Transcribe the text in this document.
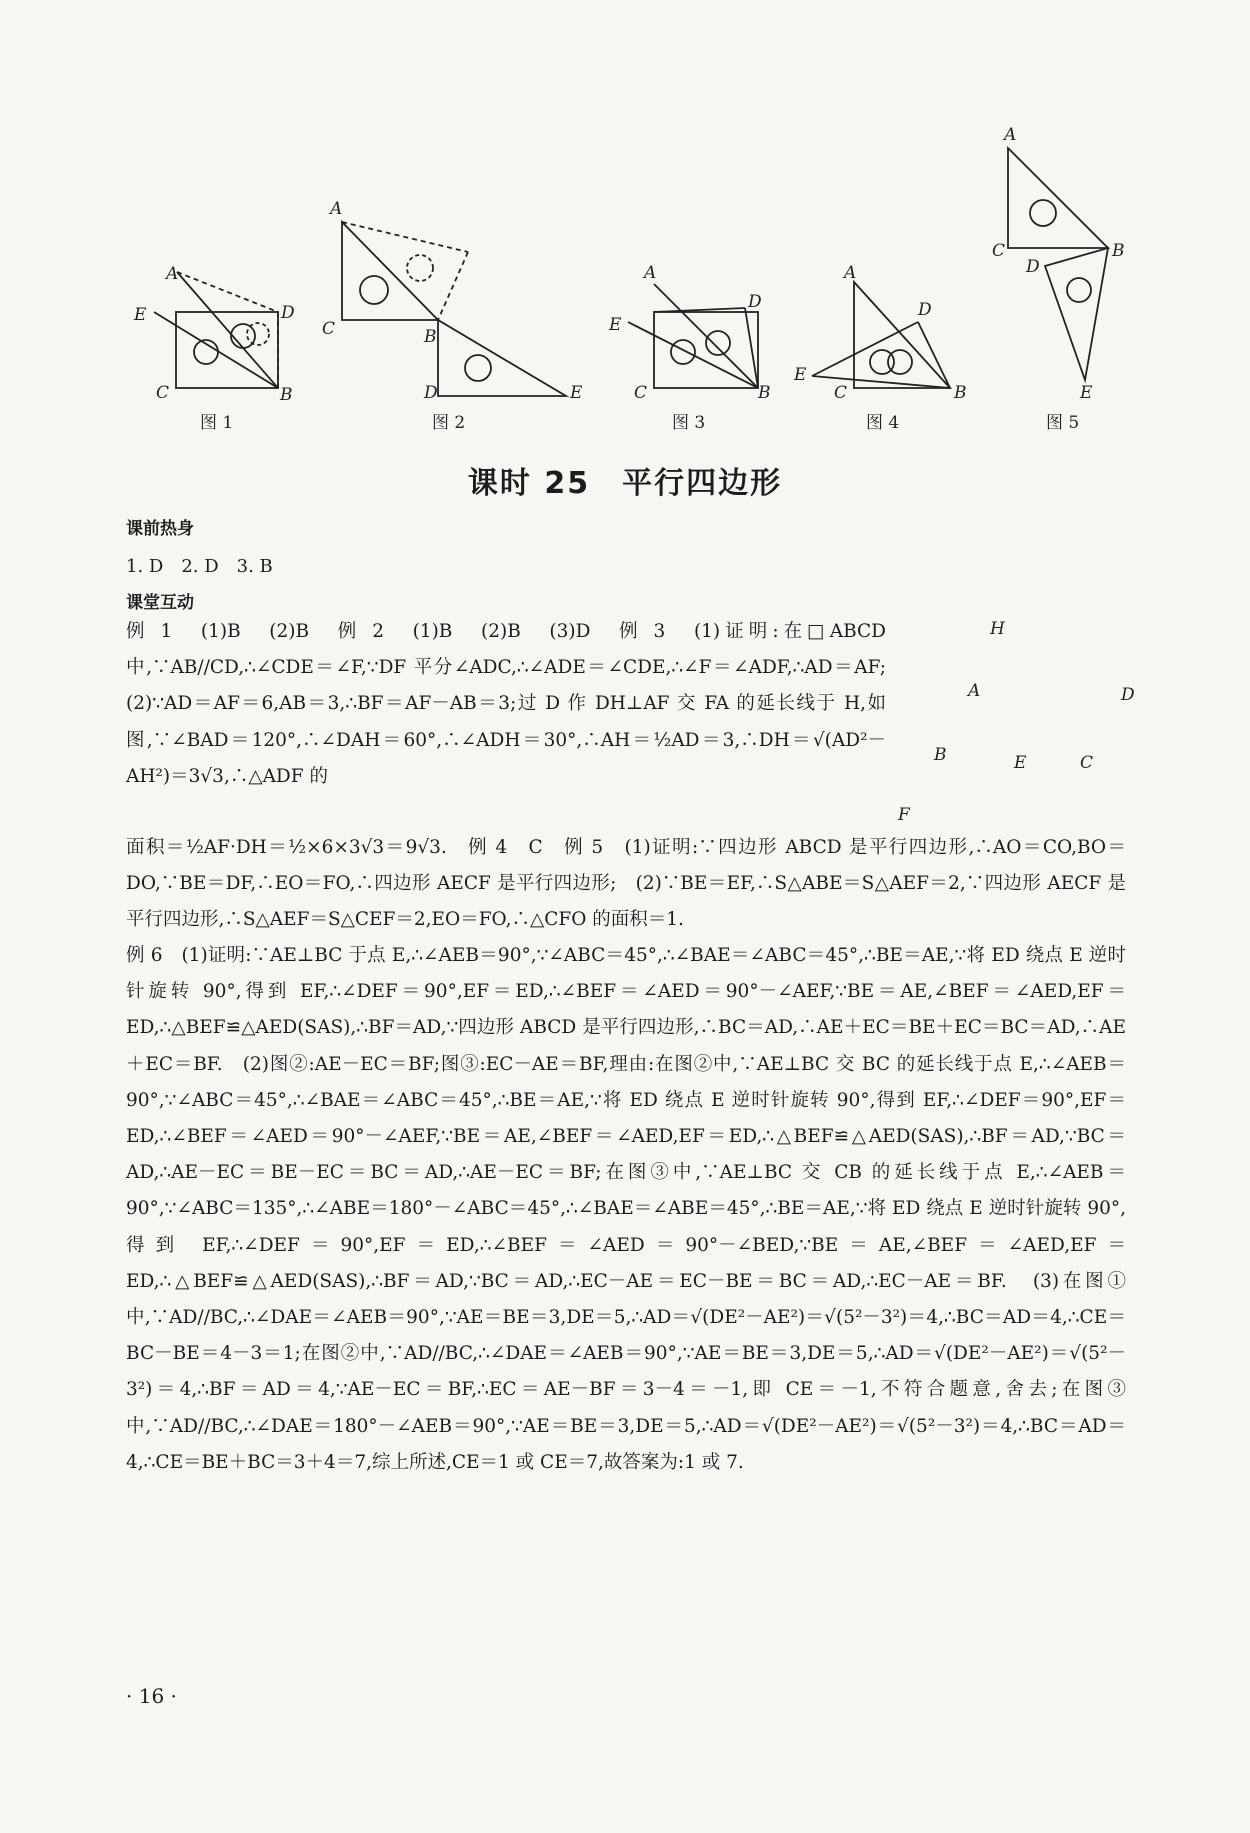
A
E	D
C	B
A
C	B
D	E
A
E
D
C	B
A
D
E
C	B
A
C	B
D
E
图 1	图 2	图 3	图 4	图 5
H
A	D
B	E	C
F
课时 25　平行四边形
课前热身
1. D　2. D　3. B
课堂互动

例 1　(1)B　(2)B　例 2　(1)B　(2)B　(3)D　例 3　(1)证明:在□ABCD 中,∵AB//CD,∴∠CDE＝∠F,∵DF 平分∠ADC,∴∠ADE＝∠CDE,∴∠F＝∠ADF,∴AD＝AF;　(2)∵AD＝AF＝6,AB＝3,∴BF＝AF－AB＝3;过 D 作 DH⊥AF 交 FA 的延长线于 H,如图,∵∠BAD＝120°,∴∠DAH＝60°,∴∠ADH＝30°,∴AH＝½AD＝3,∴DH＝√(AD²－AH²)＝3√3,∴△ADF 的

面积＝½AF·DH＝½×6×3√3＝9√3.　例 4　C　例 5　(1)证明:∵四边形 ABCD 是平行四边形,∴AO＝CO,BO＝DO,∵BE＝DF,∴EO＝FO,∴四边形 AECF 是平行四边形;　(2)∵BE＝EF,∴S△ABE＝S△AEF＝2,∵四边形 AECF 是平行四边形,∴S△AEF＝S△CEF＝2,EO＝FO,∴△CFO 的面积＝1.

例 6　(1)证明:∵AE⊥BC 于点 E,∴∠AEB＝90°,∵∠ABC＝45°,∴∠BAE＝∠ABC＝45°,∴BE＝AE,∵将 ED 绕点 E 逆时针旋转 90°,得到 EF,∴∠DEF＝90°,EF＝ED,∴∠BEF＝∠AED＝90°－∠AEF,∵BE＝AE,∠BEF＝∠AED,EF＝ED,∴△BEF≌△AED(SAS),∴BF＝AD,∵四边形 ABCD 是平行四边形,∴BC＝AD,∴AE＋EC＝BE＋EC＝BC＝AD,∴AE＋EC＝BF.　(2)图②:AE－EC＝BF;图③:EC－AE＝BF,理由:在图②中,∵AE⊥BC 交 BC 的延长线于点 E,∴∠AEB＝90°,∵∠ABC＝45°,∴∠BAE＝∠ABC＝45°,∴BE＝AE,∵将 ED 绕点 E 逆时针旋转 90°,得到 EF,∴∠DEF＝90°,EF＝ED,∴∠BEF＝∠AED＝90°－∠AEF,∵BE＝AE,∠BEF＝∠AED,EF＝ED,∴△BEF≌△AED(SAS),∴BF＝AD,∵BC＝AD,∴AE－EC＝BE－EC＝BC＝AD,∴AE－EC＝BF;在图③中,∵AE⊥BC 交 CB 的延长线于点 E,∴∠AEB＝90°,∵∠ABC＝135°,∴∠ABE＝180°－∠ABC＝45°,∴∠BAE＝∠ABE＝45°,∴BE＝AE,∵将 ED 绕点 E 逆时针旋转 90°,得到 EF,∴∠DEF＝90°,EF＝ED,∴∠BEF＝∠AED＝90°－∠BED,∵BE＝AE,∠BEF＝∠AED,EF＝ED,∴△BEF≌△AED(SAS),∴BF＝AD,∵BC＝AD,∴EC－AE＝EC－BE＝BC＝AD,∴EC－AE＝BF.　(3)在图①中,∵AD//BC,∴∠DAE＝∠AEB＝90°,∵AE＝BE＝3,DE＝5,∴AD＝√(DE²－AE²)＝√(5²－3²)＝4,∴BC＝AD＝4,∴CE＝BC－BE＝4－3＝1;在图②中,∵AD//BC,∴∠DAE＝∠AEB＝90°,∵AE＝BE＝3,DE＝5,∴AD＝√(DE²－AE²)＝√(5²－3²)＝4,∴BF＝AD＝4,∵AE－EC＝BF,∴EC＝AE－BF＝3－4＝－1,即 CE＝－1,不符合题意,舍去;在图③中,∵AD//BC,∴∠DAE＝180°－∠AEB＝90°,∵AE＝BE＝3,DE＝5,∴AD＝√(DE²－AE²)＝√(5²－3²)＝4,∴BC＝AD＝4,∴CE＝BE＋BC＝3＋4＝7,综上所述,CE＝1 或 CE＝7,故答案为:1 或 7.

· 16 ·
